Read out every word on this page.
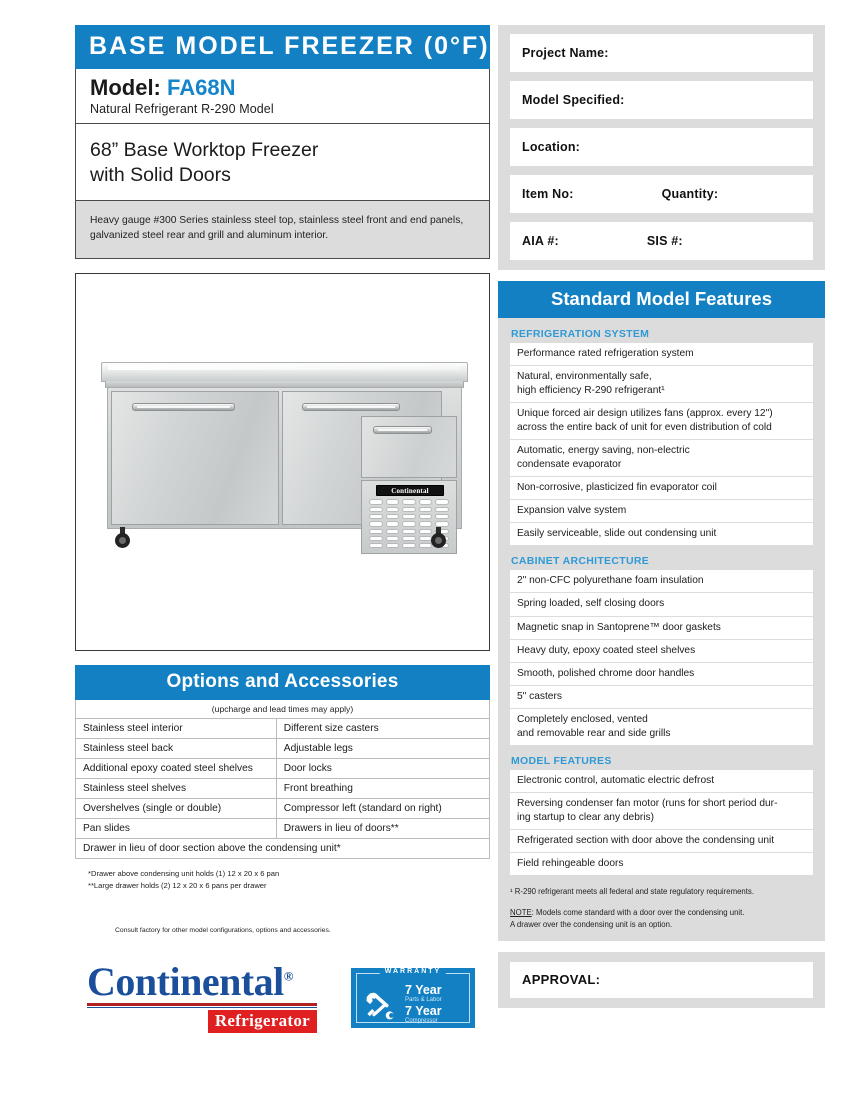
BASE MODEL FREEZER (0°F)
Model: FA68N
Natural Refrigerant R-290 Model
68” Base Worktop Freezer
with Solid Doors

Heavy gauge #300 Series stainless steel top, stainless steel front and end panels, galvanized steel rear and grill and aluminum interior.

Continental
Options and Accessories
(upcharge and lead times may apply)
Stainless steel interior	Different size casters
Stainless steel back	Adjustable legs
Additional epoxy coated steel shelves	Door locks
Stainless steel shelves	Front breathing
Overshelves (single or double)	Compressor left (standard on right)
Pan slides	Drawers in lieu of doors**
Drawer in lieu of door section above the condensing unit*	
*Drawer above condensing unit holds (1) 12 x 20 x 6 pan
**Large drawer holds (2) 12 x 20 x 6 pans per drawer
Consult factory for other model configurations, options and accessories.
Continental®
Refrigerator
WARRANTY
7 Year
Parts & Labor
7 Year
Compressor
Project Name:
Model Specified:
Location:
Item No:	Quantity:
AIA #:	SIS #:
Standard Model Features
REFRIGERATION SYSTEM
Performance rated refrigeration system
Natural, environmentally safe,
high efficiency R-290 refrigerant¹
Unique forced air design utilizes fans (approx. every 12")
across the entire back of unit for even distribution of cold
Automatic, energy saving, non-electric
condensate evaporator
Non-corrosive, plasticized fin evaporator coil
Expansion valve system
Easily serviceable, slide out condensing unit
CABINET ARCHITECTURE
2" non-CFC polyurethane foam insulation
Spring loaded, self closing doors
Magnetic snap in Santoprene™ door gaskets
Heavy duty, epoxy coated steel shelves
Smooth, polished chrome door handles
5" casters
Completely enclosed, vented
and removable rear and side grills
MODEL FEATURES
Electronic control, automatic electric defrost
Reversing condenser fan motor (runs for short period dur-
ing startup to clear any debris)
Refrigerated section with door above the condensing unit
Field rehingeable doors
¹ R-290 refrigerant meets all federal and state regulatory requirements.
NOTE: Models come standard with a door over the condensing unit.
A drawer over the condensing unit is an option.
APPROVAL:
